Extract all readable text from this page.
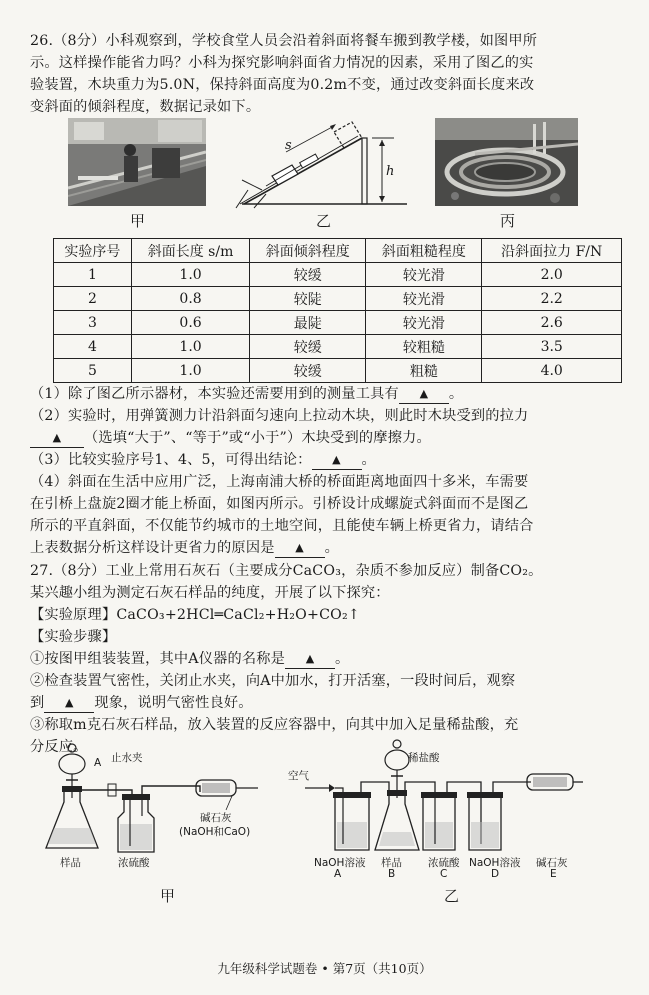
26.（8分）小科观察到，学校食堂人员会沿着斜面将餐车搬到教学楼，如图甲所
示。这样操作能省力吗？小科为探究影响斜面省力情况的因素，采用了图乙的实
验装置，木块重力为5.0N，保持斜面高度为0.2m不变，通过改变斜面长度来改
变斜面的倾斜程度，数据记录如下。
甲
s
h
乙	丙
实验序号	斜面长度 s/m	斜面倾斜程度	斜面粗糙程度	沿斜面拉力 F/N
1	1.0	较缓	较光滑	2.0
2	0.8	较陡	较光滑	2.2
3	0.6	最陡	较光滑	2.6
4	1.0	较缓	较粗糙	3.5
5	1.0	较缓	粗糙	4.0
（1）除了图乙所示器材，本实验还需要用到的测量工具有 ▲ 。
（2）实验时，用弹簧测力计沿斜面匀速向上拉动木块，则此时木块受到的拉力
▲ （选填“大于”、“等于”或“小于”）木块受到的摩擦力。
（3）比较实验序号1、4、5，可得出结论： ▲ 。
（4）斜面在生活中应用广泛，上海南浦大桥的桥面距离地面四十多米，车需要
在引桥上盘旋2圈才能上桥面，如图丙所示。引桥设计成螺旋式斜面而不是图乙
所示的平直斜面，不仅能节约城市的土地空间，且能使车辆上桥更省力，请结合
上表数据分析这样设计更省力的原因是 ▲ 。
27.（8分）工业上常用石灰石（主要成分CaCO₃，杂质不参加反应）制备CO₂。
某兴趣小组为测定石灰石样品的纯度，开展了以下探究：
【实验原理】CaCO₃+2HCl═CaCl₂+H₂O+CO₂↑
【实验步骤】
①按图甲组装装置，其中A仪器的名称是 ▲ 。
②检查装置气密性，关闭止水夹，向A中加水，打开活塞，一段时间后，观察
到 ▲ 现象，说明气密性良好。
③称取m克石灰石样品，放入装置的反应容器中，向其中加入足量稀盐酸，充
分反应。
A 止水夹
样品	浓硫酸
碱石灰
(NaOH和CaO)
甲
空气
稀盐酸
NaOH溶液
A
样品
B
浓硫酸
C
NaOH溶液
D
碱石灰
E
乙
九年级科学试题卷 • 第7页（共10页）
